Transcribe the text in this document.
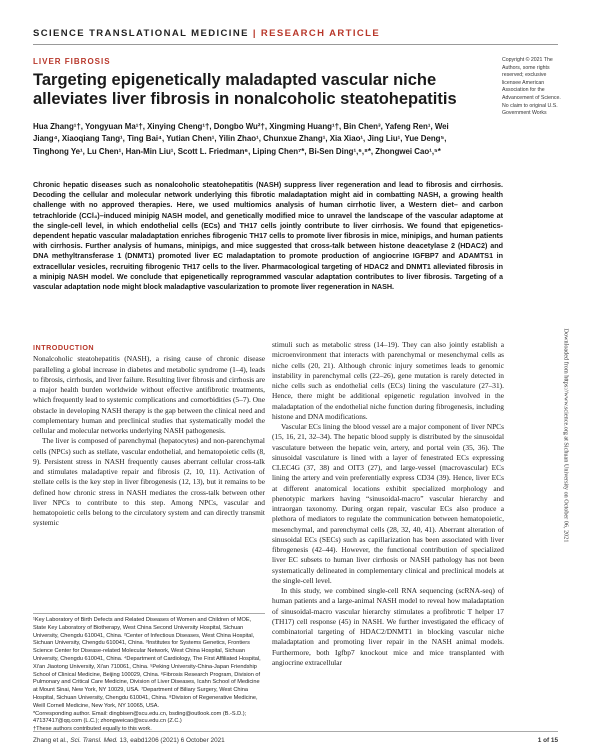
SCIENCE TRANSLATIONAL MEDICINE | RESEARCH ARTICLE
LIVER FIBROSIS
Targeting epigenetically maladapted vascular niche alleviates liver fibrosis in nonalcoholic steatohepatitis
Copyright © 2021 The Authors, some rights reserved; exclusive licensee American Association for the Advancement of Science. No claim to original U.S. Government Works
Hua Zhang¹†, Yongyuan Ma¹†, Xinying Cheng¹†, Dongbo Wu²†, Xingming Huang¹†, Bin Chen³, Yafeng Ren¹, Wei Jiang⁴, Xiaoqiang Tang¹, Ting Bai⁴, Yutian Chen¹, Yilin Zhao¹, Chunxue Zhang¹, Xia Xiao¹, Jing Liu¹, Yue Deng⁵, Tinghong Ye¹, Lu Chen¹, Han-Min Liu¹, Scott L. Friedman⁶, Liping Chen⁷*, Bi-Sen Ding¹,⁶,⁸*, Zhongwei Cao¹,⁵*

Chronic hepatic diseases such as nonalcoholic steatohepatitis (NASH) suppress liver regeneration and lead to fibrosis and cirrhosis. Decoding the cellular and molecular network underlying this fibrotic maladaptation might aid in combatting NASH, a growing health challenge with no approved therapies. Here, we used multiomics analysis of human cirrhotic liver, a Western diet– and carbon tetrachloride (CCl₄)–induced minipig NASH model, and genetically modified mice to unravel the landscape of the vascular adaptome at the single-cell level, in which endothelial cells (ECs) and TH17 cells jointly contribute to liver cirrhosis. We found that epigenetics-dependent hepatic vascular maladaptation enriches fibrogenic TH17 cells to promote liver fibrosis in mice, minipigs, and human patients with cirrhosis. Further analysis of humans, minipigs, and mice suggested that cross-talk between histone deacetylase 2 (HDAC2) and DNA methyltransferase 1 (DNMT1) promoted liver EC maladaptation to promote production of angiocrine IGFBP7 and ADAMTS1 in extracellular vesicles, recruiting fibrogenic TH17 cells to the liver. Pharmacological targeting of HDAC2 and DNMT1 alleviated fibrosis in a minipig NASH model. We conclude that epigenetically reprogrammed vascular adaptation contributes to liver fibrosis. Targeting of a vascular adaptation node might block maladaptive vascularization to promote liver regeneration in NASH.

INTRODUCTION

Nonalcoholic steatohepatitis (NASH), a rising cause of chronic disease paralleling a global increase in diabetes and metabolic syndrome (1–4), leads to fibrosis, cirrhosis, and liver failure. Resulting liver fibrosis and cirrhosis are a major health burden worldwide without effective antifibrotic treatments, which frequently lead to systemic complications and comorbidities (5–7). One obstacle in developing NASH therapy is the gap between the clinical need and complementary human and preclinical studies that systematically model the cellular and molecular networks underlying NASH pathogenesis.

The liver is composed of parenchymal (hepatocytes) and non-parenchymal cells (NPCs) such as stellate, vascular endothelial, and hematopoietic cells (8, 9). Persistent stress in NASH frequently causes aberrant cellular cross-talk and stimulates maladaptive repair and fibrosis (2, 10, 11). Activation of stellate cells is the key step in liver fibrogenesis (12, 13), but it remains to be defined how chronic stress in NASH mediates the cross-talk between other liver NPCs to contribute to this step. Among NPCs, vascular and hematopoietic cells belong to the circulatory system and can directly transmit systemic

stimuli such as metabolic stress (14–19). They can also jointly establish a microenvironment that interacts with parenchymal or mesenchymal cells as niche cells (20, 21). Although chronic injury sometimes leads to genomic instability in parenchymal cells (22–26), gene mutation is rarely detected in niche cells such as endothelial cells (ECs) lining the vasculature (27–31). Hence, there might be additional epigenetic regulation involved in the maladaptation of the endothelial niche function during fibrogenesis, including histone and DNA modifications.

Vascular ECs lining the blood vessel are a major component of liver NPCs (15, 16, 21, 32–34). The hepatic blood supply is distributed by the sinusoidal vasculature between the hepatic vein, artery, and portal vein (35, 36). The sinusoidal vasculature is lined with a layer of fenestrated ECs expressing CLEC4G (37, 38) and OIT3 (27), and large-vessel (macrovascular) ECs lining the artery and vein preferentially express CD34 (39). Hence, liver ECs at different anatomical locations exhibit specialized morphology and phenotypic markers having “sinusoidal-macro” vascular hierarchy and intraorgan taxonomy. During organ repair, vascular ECs also produce a plethora of mediators to regulate the communication between hematopoietic, mesenchymal, and parenchymal cells (28, 32, 40, 41). Aberrant alteration of sinusoidal ECs (SECs) such as capillarization has been associated with liver fibrogenesis (42–44). However, the functional contribution of specialized liver EC subsets to human liver cirrhosis or NASH pathology has not been systematically delineated in complementary clinical and preclinical models at the single-cell level.

In this study, we combined single-cell RNA sequencing (scRNA-seq) of human patients and a large-animal NASH model to reveal how maladaptation of sinusoidal-macro vascular hierarchy stimulates a profibrotic T helper 17 (TH17) cell response (45) in NASH. We further investigated the efficacy of combinatorial targeting of HDAC2/DNMT1 in blocking vascular niche maladaptation and promoting liver repair in the NASH animal models. Furthermore, both Igfbp7 knockout mice and mice transplanted with angiocrine extracellular

¹Key Laboratory of Birth Defects and Related Diseases of Women and Children of MOE, State Key Laboratory of Biotherapy, West China Second University Hospital, Sichuan University, Chengdu 610041, China. ²Center of Infectious Diseases, West China Hospital, Sichuan University, Chengdu 610041, China. ³Institutes for Systems Genetics, Frontiers Science Center for Disease-related Molecular Network, West China Hospital, Sichuan University, Chengdu 610041, China. ⁴Department of Cardiology, The First Affiliated Hospital, Xi'an Jiaotong University, Xi'an 710061, China. ⁵Peking University-China-Japan Friendship School of Clinical Medicine, Beijing 100029, China. ⁶Fibrosis Research Program, Division of Pulmonary and Critical Care Medicine, Division of Liver Diseases, Icahn School of Medicine at Mount Sinai, New York, NY 10029, USA. ⁷Department of Biliary Surgery, West China Hospital, Sichuan University, Chengdu 610041, China. ⁸Division of Regenerative Medicine, Weill Cornell Medicine, New York, NY 10065, USA.
*Corresponding author. Email: dingbisen@scu.edu.cn, bsding@outlook.com (B.-S.D.); 47137417@qq.com (L.C.); zhongweicao@scu.edu.cn (Z.C.)
†These authors contributed equally to this work.
Downloaded from https://www.science.org at Sichuan University on October 06, 2021
Zhang et al., Sci. Transl. Med. 13, eabd1206 (2021) 6 October 2021	1 of 15
